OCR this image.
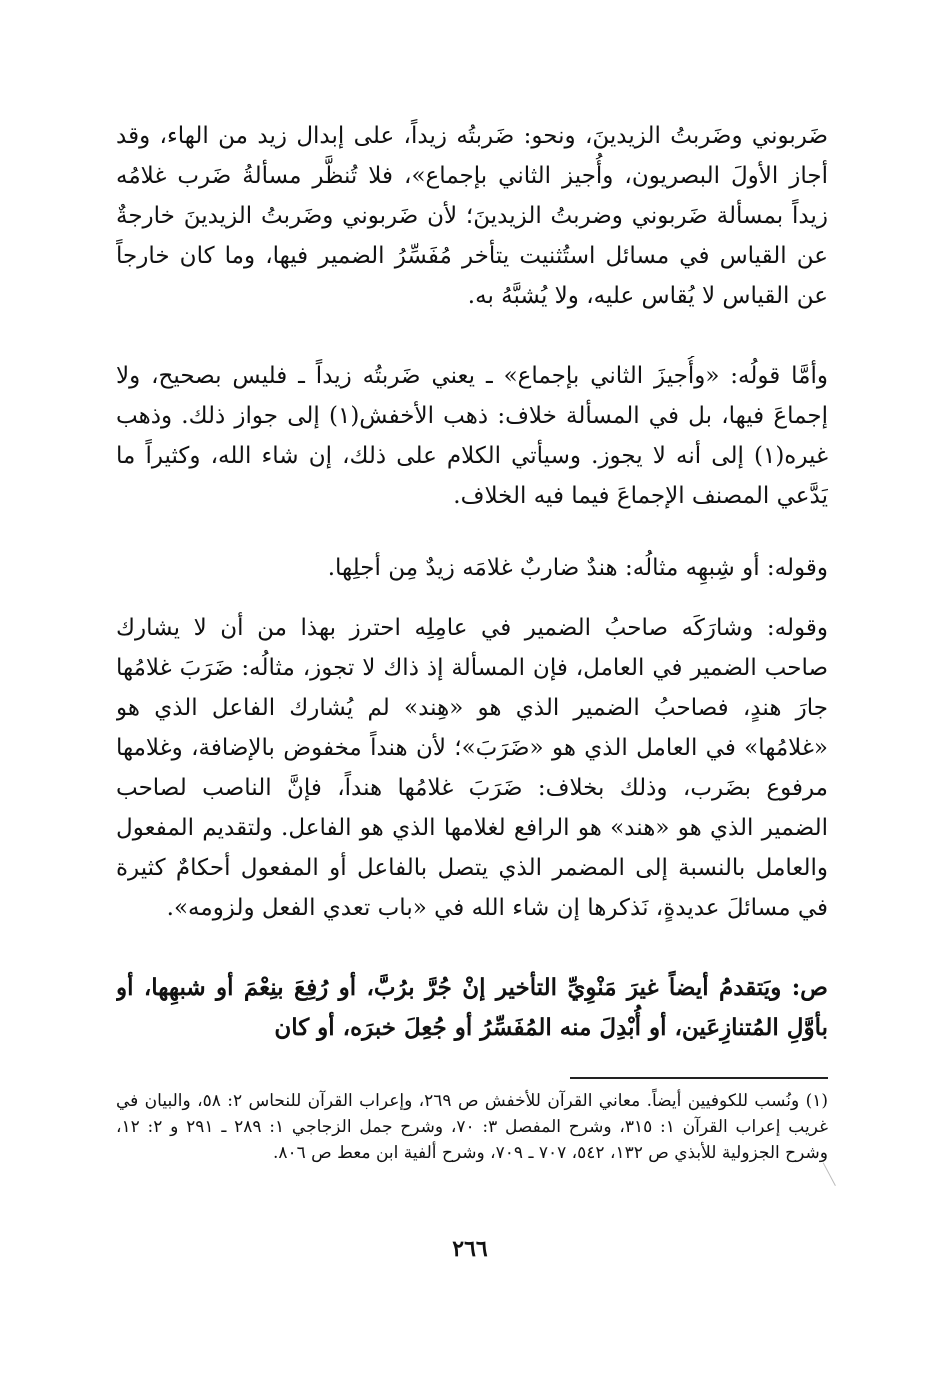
ضَربوني وضَربتُ الزيدينَ، ونحو: ضَربتُه زيداً، على إبدال زيد من الهاء، وقد أجاز الأولَ البصريون، وأُجيز الثاني بإجماع»، فلا تُنظَّر مسألةُ ضَرب غلامُه زيداً بمسألة ضَربوني وضربتُ الزيدينَ؛ لأن ضَربوني وضَربتُ الزيدينَ خارجةٌ عن القياس في مسائل استُثنيت يتأخر مُفَسِّرُ الضمير فيها، وما كان خارجاً عن القياس لا يُقاس عليه، ولا يُشبَّهُ به.

وأمَّا قولُه: «وأُجيزَ الثاني بإجماع» ـ يعني ضَربتُه زيداً ـ فليس بصحيح، ولا إجماعَ فيها، بل في المسألة خلاف: ذهب الأخفش(١) إلى جواز ذلك. وذهب غيره(١) إلى أنه لا يجوز. وسيأتي الكلام على ذلك، إن شاء الله، وكثيراً ما يَدَّعي المصنف الإجماعَ فيما فيه الخلاف.

وقوله: أو شِبهِه مثالُه: هندٌ ضاربٌ غلامَه زيدٌ مِن أجلِها.

وقوله: وشارَكَه صاحبُ الضمير في عامِلِه احترز بهذا من أن لا يشارك صاحب الضمير في العامل، فإن المسألة إذ ذاك لا تجوز، مثالُه: ضَرَبَ غلامُها جارَ هندٍ، فصاحبُ الضمير الذي هو «هِند» لم يُشارك الفاعل الذي هو «غلامُها» في العامل الذي هو «ضَرَبَ»؛ لأن هنداً مخفوض بالإضافة، وغلامها مرفوع بضَرب، وذلك بخلاف: ضَرَبَ غلامُها هنداً، فإنَّ الناصب لصاحب الضمير الذي هو «هند» هو الرافع لغلامها الذي هو الفاعل. ولتقديم المفعول والعامل بالنسبة إلى المضمر الذي يتصل بالفاعل أو المفعول أحكامٌ كثيرة في مسائلَ عديدةٍ، نَذكرها إن شاء الله في «باب تعدي الفعل ولزومه».

ص: ويَتقدمُ أيضاً غيرَ مَنْوِيِّ التأخير إنْ جُرَّ برُبَّ، أو رُفِعَ بنِعْمَ أو شبهِها، أو بأوَّلِ المُتنازِعَين، أو أُبْدِلَ منه المُفَسِّرُ أو جُعِلَ خبرَه، أو كان

(١) ونُسب للكوفيين أيضاً. معاني القرآن للأخفش ص ٢٦٩، وإعراب القرآن للنحاس ٢: ٥٨، والبيان في غريب إعراب القرآن ١: ٣١٥، وشرح المفصل ٣: ٧٠، وشرح جمل الزجاجي ١: ٢٨٩ ـ ٢٩١ و ٢: ١٢، وشرح الجزولية للأبذي ص ١٣٢، ٥٤٢، ٧٠٧ ـ ٧٠٩، وشرح ألفية ابن معط ص ٨٠٦.

٢٦٦
